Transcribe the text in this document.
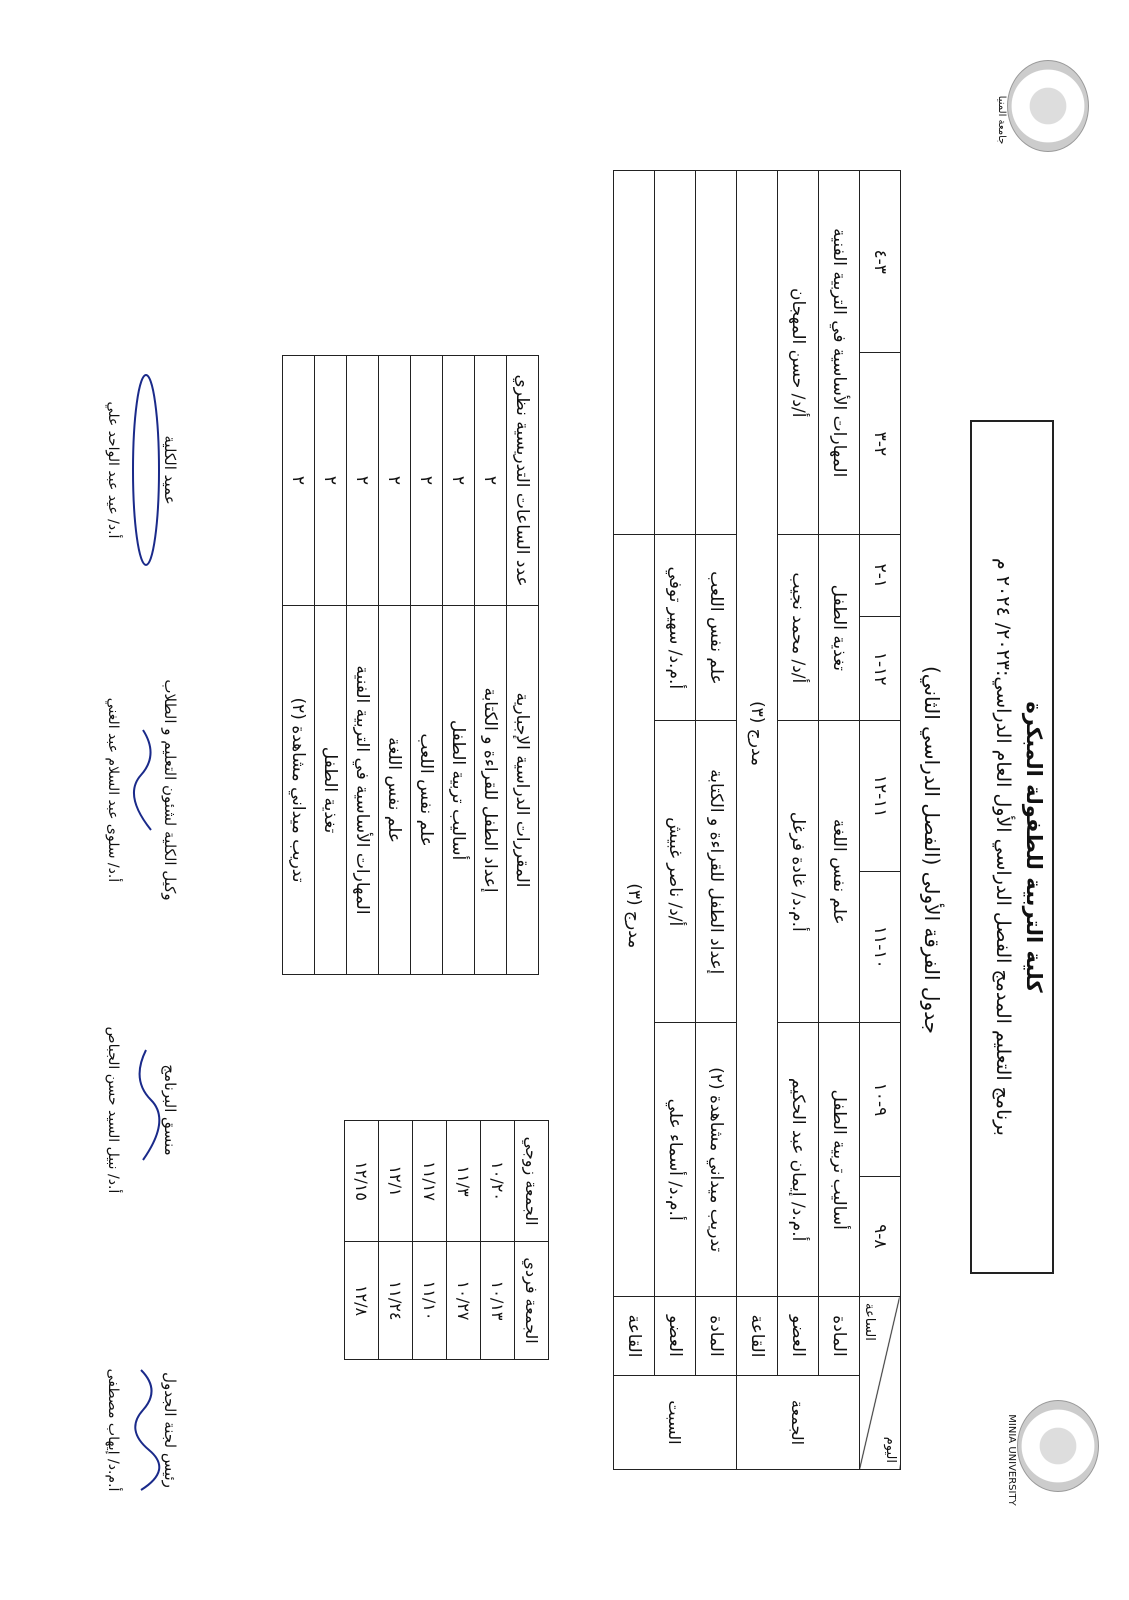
جامعة المنيا
MINIA UNIVERSITY
كلية التربية للطفولة المبكرة
برنامج التعليم المدمج الفصل الدراسي الأول العام الدراسي:٢٠٢٣/ ٢٠٢٤ م
جدول الفرقة الأولى (الفصل الدراسي الثاني)
اليوم
الساعة		٨-٩	٩-١٠	١٠-١١	١١-١٢	١٢-١	١-٢	٢-٣	٣-٤
الجمعة	المادة	أساليب تربية الطفل		علم نفس اللغة		تغذية الطفل		المهارات الأساسية في التربية الفنية	
	العضو	أ.م.د/ إيمان عبد الحكيم		أ.م.د/ غادة فرغل		أ/د/ محمد نجيب		أ/د/ حسن المهجان	
	القاعة	مدرج (٣)							
السبت	المادة	تدريب ميداني مشاهدة (٢)		إعداد الطفل للقراءة و الكتابة		علم نفس اللعب			
	العضو	أ.م.د/ أسماء علي		أ/د/ ناصر غبيش		أ.م.د/ سهير توفي			
	القاعة	مدرج (٣)							
المقررات الدراسية الإجبارية	عدد الساعات التدريسية نظري
إعداد الطفل للقراءة و الكتابة	٢
أساليب تربية الطفل	٢
علم نفس اللعب	٢
علم نفس اللغة	٢
المهارات الأساسية في التربية الفنية	٢
تغذية الطفل	٢
تدريب ميداني مشاهدة (٢)	٢
الجمعة فردي	الجمعة زوجي
١٠/١٣	١٠/٢٠
١٠/٢٧	١١/٣
١١/١٠	١١/١٧
١١/٢٤	١٢/١
١٢/٨	١٢/١٥
رئيس لجنة الجدول
أ.م.د/ إيهاب مصطفى
منسق البرنامج
أ.د/ نبيل السيد حسن الجباص
وكيل الكلية لشئون التعليم و الطلاب
أ.د/ سلوى عبد السلام عبد الغني
عميد الكلية
أ.د/ عيد عبد الواحد علي
